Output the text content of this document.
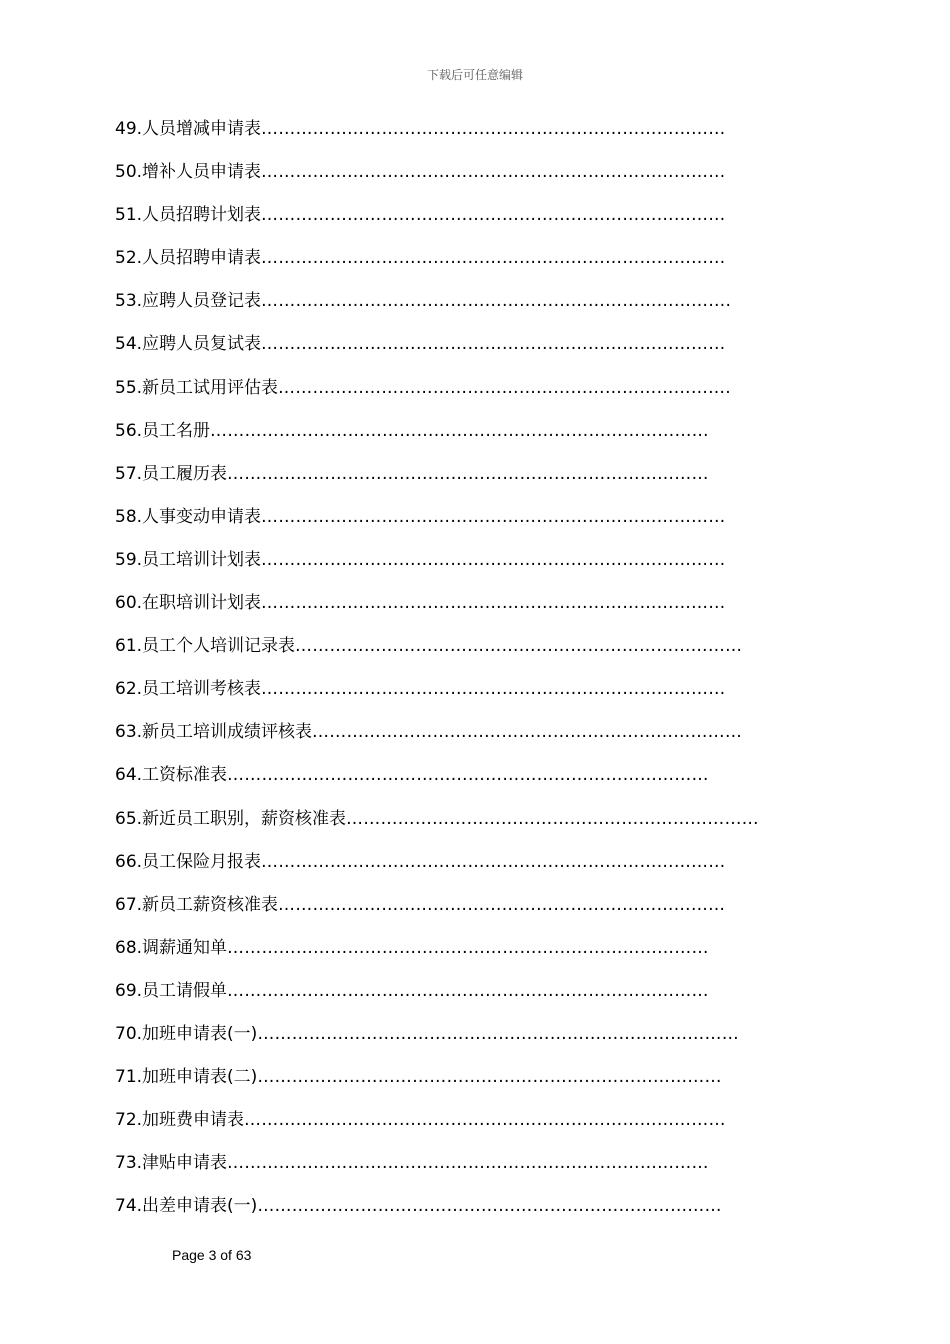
下载后可任意编辑
49.人员增减申请表………………………………………………………………………
50.增补人员申请表………………………………………………………………………
51.人员招聘计划表………………………………………………………………………
52.人员招聘申请表………………………………………………………………………
53.应聘人员登记表……………………………………………………………………….
54.应聘人员复试表………………………………………………………………………
55.新员工试用评估表…………………………………………………………………….
56.员工名册……………………………………………………………………………
57.员工履历表…………………………………………………………………………
58.人事变动申请表………………………………………………………………………
59.员工培训计划表………………………………………………………………………
60.在职培训计划表………………………………………………………………………
61.员工个人培训记录表……………………………………………………………………
62.员工培训考核表………………………………………………………………………
63.新员工培训成绩评核表…………………………………………………………………
64.工资标准表…………………………………………………………………………
65.新近员工职别，薪资核准表………………………………………………………………
66.员工保险月报表………………………………………………………………………
67.新员工薪资核准表……………………………………………………………………
68.调薪通知单…………………………………………………………………………
69.员工请假单…………………………………………………………………………
70.加班申请表(一)…………………………………………………………………………
71.加班申请表(二)………………………………………………………………………
72.加班费申请表…………………………………………………………………………
73.津贴申请表…………………………………………………………………………
74.出差申请表(一)………………………………………………………………………
Page 3 of 63
